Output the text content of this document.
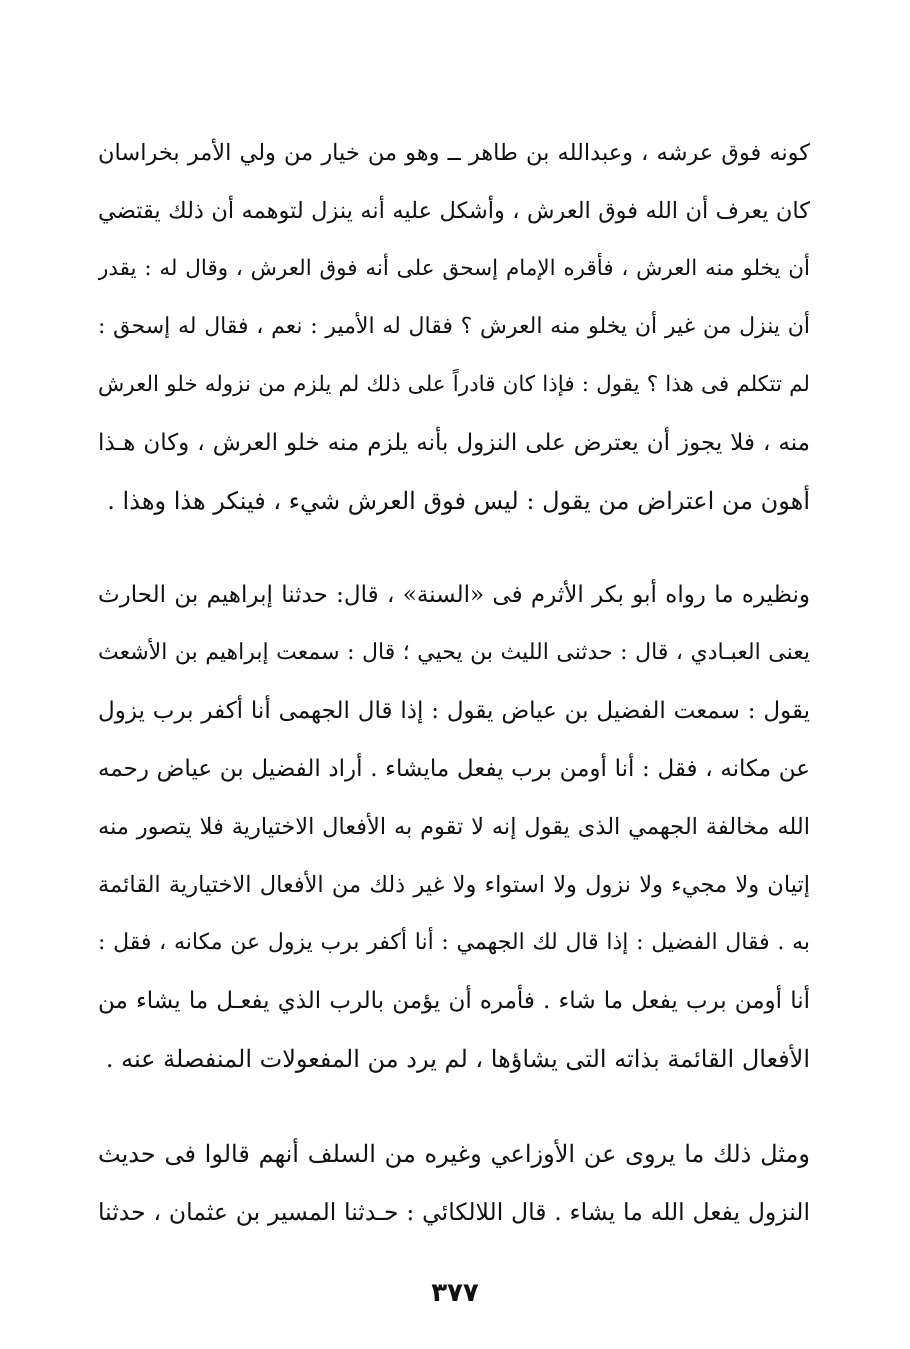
كونه فوق عرشه ، وعبدالله بن طاهر ــ وهو من خيار من ولي الأمر بخراسان
كان يعرف أن الله فوق العرش ، وأشكل عليه أنه ينزل لتوهمه أن ذلك يقتضي
أن يخلو منه العرش ، فأقره الإمام إسحق على أنه فوق العرش ، وقال له : يقدر
أن ينزل من غير أن يخلو منه العرش ؟ فقال له الأمير : نعم ، فقال له إسحق :
لم تتكلم فى هذا ؟ يقول : فإذا كان قادراً على ذلك لم يلزم من نزوله خلو العرش
منه ، فلا يجوز أن يعترض على النزول بأنه يلزم منه خلو العرش ، وكان هـذا
أهون من اعتراض من يقول : ليس فوق العرش شيء ، فينكر هذا وهذا .
ونظيره ما رواه أبو بكر الأثرم فى «السنة» ، قال: حدثنا إبراهيم بن الحارث
يعنى العبـادي ، قال : حدثنى الليث بن يحيي ؛ قال : سمعت إبراهيم بن الأشعث
يقول : سمعت الفضيل بن عياض يقول : إذا قال الجهمى أنا أكفر برب يزول
عن مكانه ، فقل : أنا أومن برب يفعل مايشاء . أراد الفضيل بن عياض رحمه
الله مخالفة الجهمي الذى يقول إنه لا تقوم به الأفعال الاختيارية فلا يتصور منه
إتيان ولا مجيء ولا نزول ولا استواء ولا غير ذلك من الأفعال الاختيارية القائمة
به . فقال الفضيل : إذا قال لك الجهمي : أنا أكفر برب يزول عن مكانه ، فقل :
أنا أومن برب يفعل ما شاء . فأمره أن يؤمن بالرب الذي يفعـل ما يشاء من
الأفعال القائمة بذاته التى يشاؤها ، لم يرد من المفعولات المنفصلة عنه .
ومثل ذلك ما يروى عن الأوزاعي وغيره من السلف أنهم قالوا فى حديث
النزول يفعل الله ما يشاء . قال اللالكائي : حـدثنا المسير بن عثمان ، حدثنا
٣٧٧
